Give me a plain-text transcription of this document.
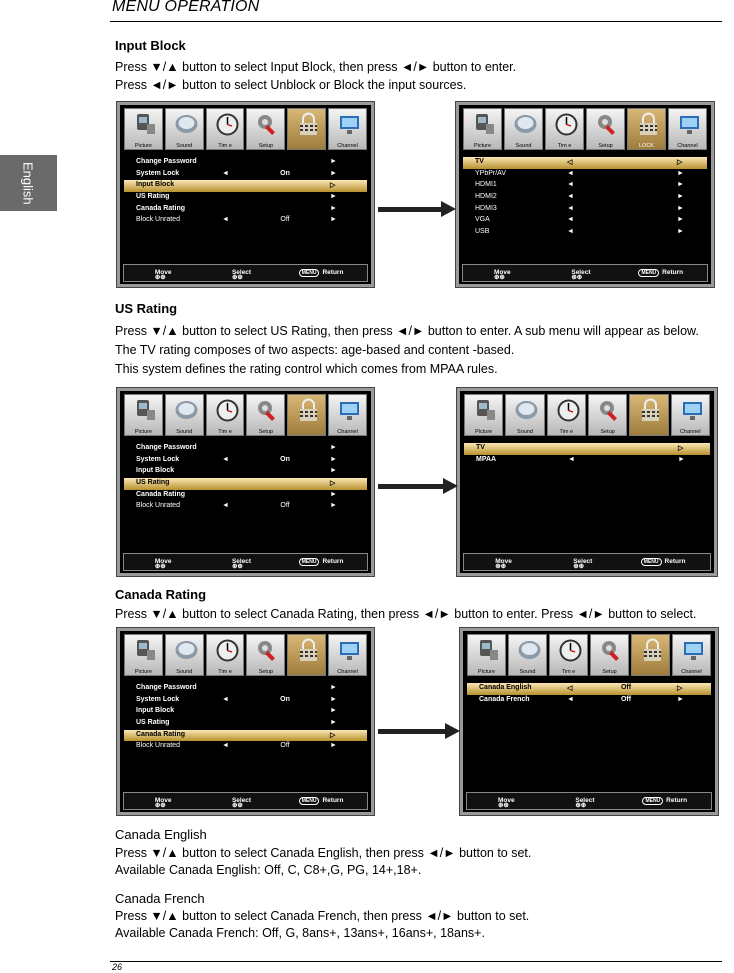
MENU OPERATION
English
Input Block
Press ▼/▲ button to select Input Block, then press ◄/► button to enter.
Press ◄/► button to select Unblock or Block the input sources.
US Rating
Press ▼/▲ button to select US Rating, then press ◄/► button to enter. A sub menu will appear as below.
The TV rating composes of two aspects: age-based and content -based.
This system defines the rating control which comes from MPAA rules.
Canada Rating
Press ▼/▲ button to select Canada Rating, then press ◄/► button to enter. Press ◄/► button to select.
Canada English
Press ▼/▲ button to select Canada English, then press ◄/► button to set.
Available Canada English: Off, C, C8+,G, PG, 14+,18+.
Canada French
Press ▼/▲ button to select Canada French, then press ◄/► button to set.
Available Canada French: Off, G, 8ans+, 13ans+, 16ans+, 18ans+.
26
Picture	Sound	Tim e	Setup	Channel
Change Password	►
System Lock	◄	On	►
Input Block	▷
US Rating	►
Canada Rating	►
Block Unrated	◄	Off	►
⊕⊕
Move
⊕⊕
Select	MENU Return
Picture	Sound	Tim e	Setup	LOCK	Channel
TV	◁	▷
YPbPr/AV	◄	►
HDMI1	◄	►
HDMI2	◄	►
HDMI3	◄	►
VGA	◄	►
USB	◄	►
⊕⊕
Move
⊕⊕
Select	MENU Return
Picture	Sound	Tim e	Setup	Channel
Change Password	►
System Lock	◄	On	►
Input Block	►
US Rating	▷
Canada Rating	►
Block Unrated	◄	Off	►
⊕⊕
Move
⊕⊕
Select	MENU Return
Picture	Sound	Tim e	Setup	Channel
TV	▷
MPAA	◄	►
⊕⊕
Move
⊕⊕
Select	MENU Return
Picture	Sound	Tim e	Setup	Channel
Change Password	►
System Lock	◄	On	►
Input Block	►
US Rating	►
Canada Rating	▷
Block Unrated	◄	Off	►
⊕⊕
Move
⊕⊕
Select	MENU Return
Picture	Sound	Tim e	Setup	Channel
Canada English	◁	Off	▷
Canada French	◄	Off	►
⊕⊕
Move
⊕⊕
Select	MENU Return
